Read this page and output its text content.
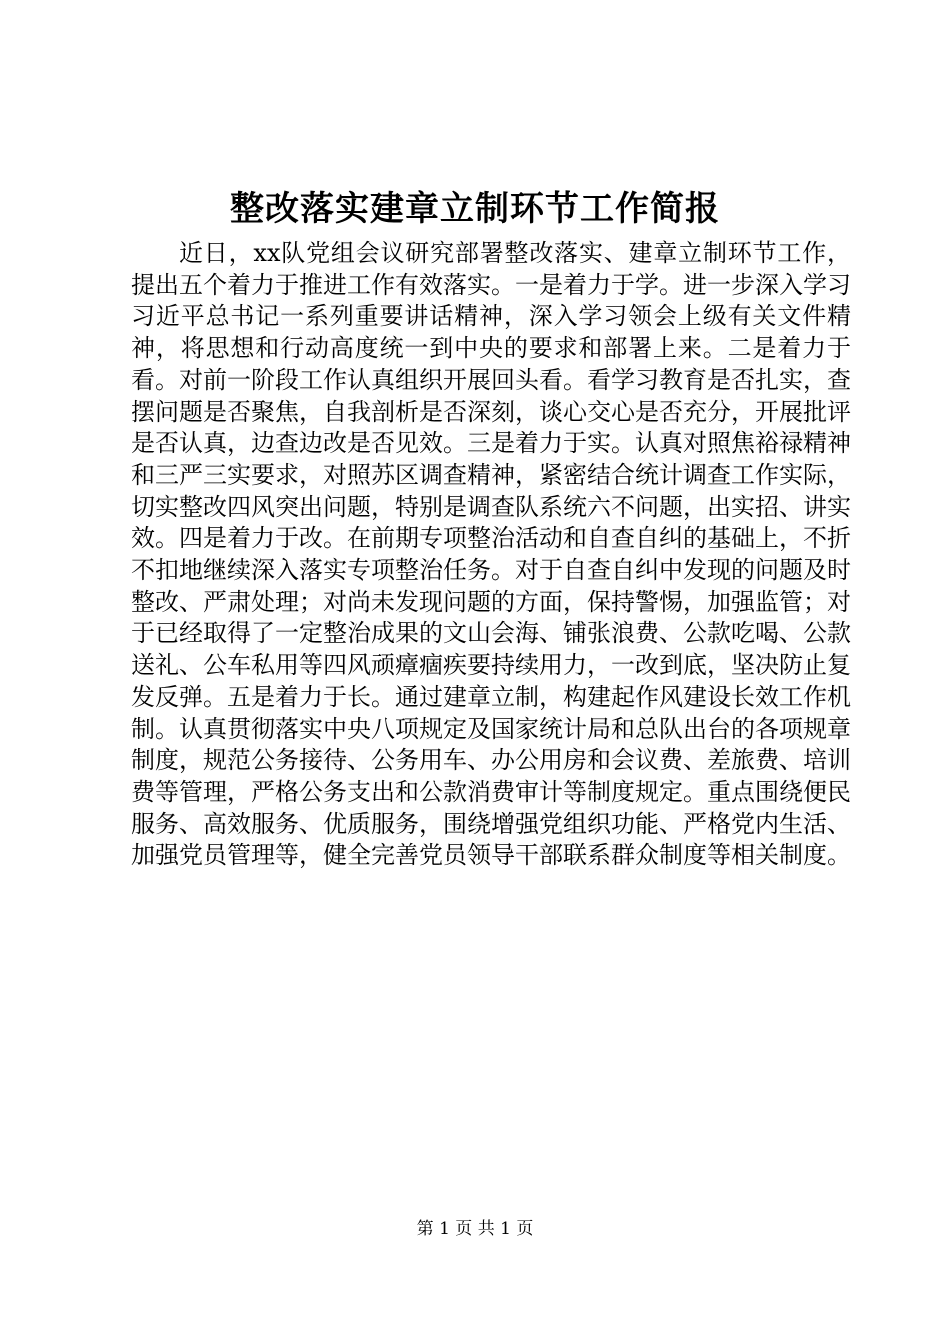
整改落实建章立制环节工作简报

近日，xx队党组会议研究部署整改落实、建章立制环节工作，提出五个着力于推进工作有效落实。一是着力于学。进一步深入学习习近平总书记一系列重要讲话精神，深入学习领会上级有关文件精神，将思想和行动高度统一到中央的要求和部署上来。二是着力于看。对前一阶段工作认真组织开展回头看。看学习教育是否扎实，查摆问题是否聚焦，自我剖析是否深刻，谈心交心是否充分，开展批评是否认真，边查边改是否见效。三是着力于实。认真对照焦裕禄精神和三严三实要求，对照苏区调查精神，紧密结合统计调查工作实际，切实整改四风突出问题，特别是调查队系统六不问题，出实招、讲实效。四是着力于改。在前期专项整治活动和自查自纠的基础上，不折不扣地继续深入落实专项整治任务。对于自查自纠中发现的问题及时整改、严肃处理；对尚未发现问题的方面，保持警惕，加强监管；对于已经取得了一定整治成果的文山会海、铺张浪费、公款吃喝、公款送礼、公车私用等四风顽瘴痼疾要持续用力，一改到底，坚决防止复发反弹。五是着力于长。通过建章立制，构建起作风建设长效工作机制。认真贯彻落实中央八项规定及国家统计局和总队出台的各项规章制度，规范公务接待、公务用车、办公用房和会议费、差旅费、培训费等管理，严格公务支出和公款消费审计等制度规定。重点围绕便民服务、高效服务、优质服务，围绕增强党组织功能、严格党内生活、加强党员管理等，健全完善党员领导干部联系群众制度等相关制度。

第 1 页 共 1 页
